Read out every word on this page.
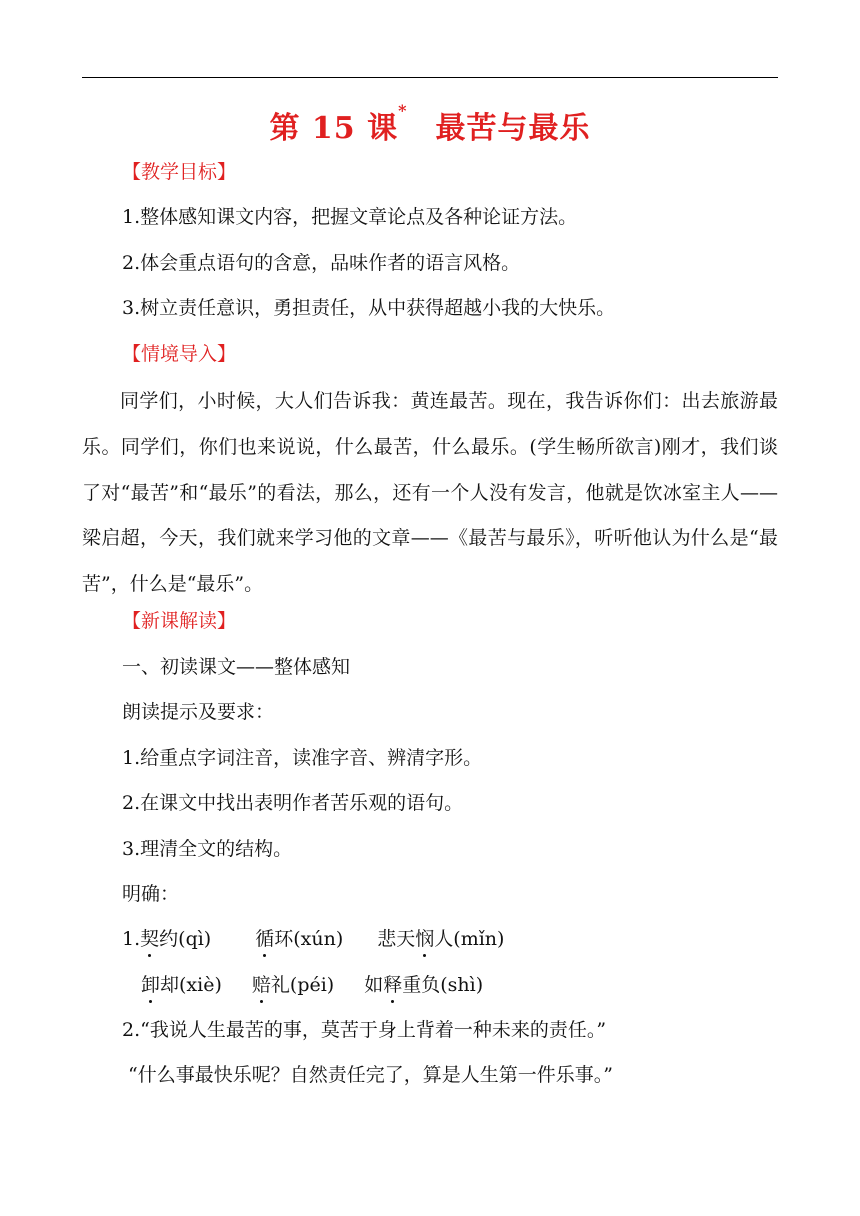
第 15 课*最苦与最乐
【教学目标】
1.整体感知课文内容，把握文章论点及各种论证方法。
2.体会重点语句的含意，品味作者的语言风格。
3.树立责任意识，勇担责任，从中获得超越小我的大快乐。
【情境导入】
同学们，小时候，大人们告诉我：黄连最苦。现在，我告诉你们：出去旅游最乐。同学们，你们也来说说，什么最苦，什么最乐。(学生畅所欲言)刚才，我们谈了对“最苦”和“最乐”的看法，那么，还有一个人没有发言，他就是饮冰室主人——梁启超，今天，我们就来学习他的文章——《最苦与最乐》，听听他认为什么是“最苦”，什么是“最乐”。
【新课解读】
一、初读课文——整体感知
朗读提示及要求：
1.给重点字词注音，读准字音、辨清字形。
2.在课文中找出表明作者苦乐观的语句。
3.理清全文的结构。
明确：
1.契约(qì) 循环(xún) 悲天悯人(mǐn)
卸却(xiè) 赔礼(péi) 如释重负(shì)
2.“我说人生最苦的事，莫苦于身上背着一种未来的责任。”
“什么事最快乐呢？自然责任完了，算是人生第一件乐事。”
